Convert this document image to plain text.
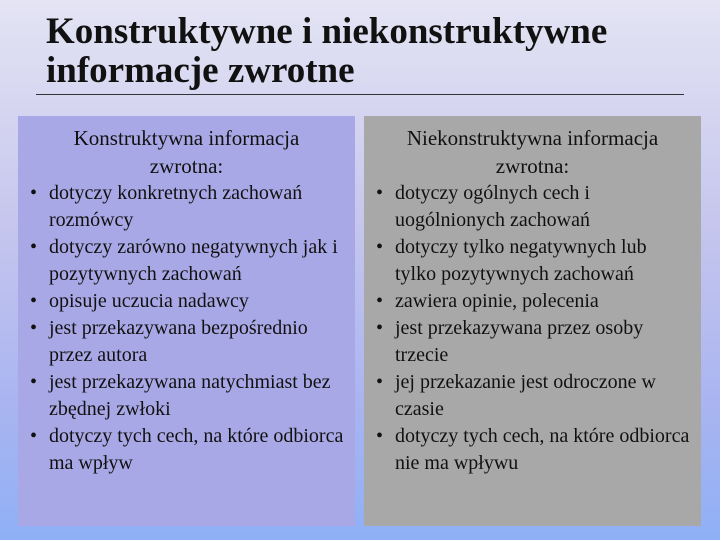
Konstruktywne i niekonstruktywne
informacje zwrotne

Konstruktywna informacja
zwrotna:

• dotyczy konkretnych zachowań rozmówcy
• dotyczy zarówno negatywnych jak i pozytywnych zachowań
• opisuje uczucia nadawcy
• jest przekazywana bezpośrednio przez autora
• jest przekazywana natychmiast bez zbędnej zwłoki
• dotyczy tych cech, na które odbiorca ma wpływ

Niekonstruktywna informacja
zwrotna:

• dotyczy ogólnych cech i uogólnionych zachowań
• dotyczy tylko negatywnych lub tylko pozytywnych zachowań
• zawiera opinie, polecenia
• jest przekazywana przez osoby trzecie
• jej przekazanie jest odroczone w czasie
• dotyczy tych cech, na które odbiorca nie ma wpływu
